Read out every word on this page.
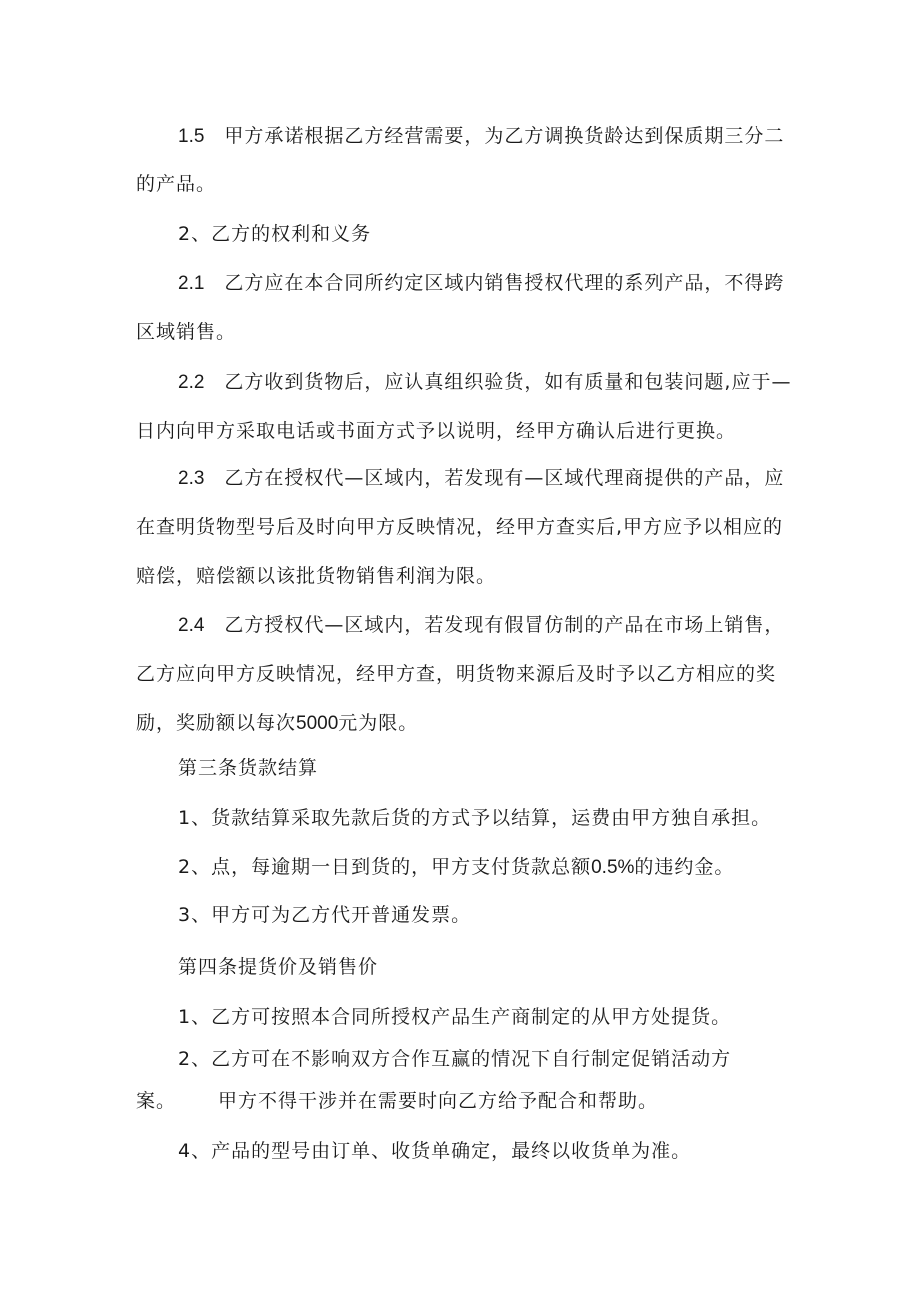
1.5 甲方承诺根据乙方经营需要，为乙方调换货龄达到保质期三分二
的产品。
2、乙方的权利和义务
2.1 乙方应在本合同所约定区域内销售授权代理的系列产品，不得跨
区域销售。
2.2 乙方收到货物后，应认真组织验货，如有质量和包装问题,应于—
日内向甲方采取电话或书面方式予以说明，经甲方确认后进行更换。
2.3 乙方在授权代—区域内，若发现有—区域代理商提供的产品，应
在查明货物型号后及时向甲方反映情况，经甲方查实后,甲方应予以相应的
赔偿，赔偿额以该批货物销售利润为限。
2.4 乙方授权代—区域内，若发现有假冒仿制的产品在市场上销售，
乙方应向甲方反映情况，经甲方查，明货物来源后及时予以乙方相应的奖
励，奖励额以每次5000元为限。
第三条货款结算
1、货款结算采取先款后货的方式予以结算，运费由甲方独自承担。
2、点，每逾期一日到货的，甲方支付货款总额0.5%的违约金。
3、甲方可为乙方代开普通发票。
第四条提货价及销售价
1、乙方可按照本合同所授权产品生产商制定的从甲方处提货。
2、乙方可在不影响双方合作互赢的情况下自行制定促销活动方
案。 甲方不得干涉并在需要时向乙方给予配合和帮助。
4、产品的型号由订单、收货单确定，最终以收货单为准。
